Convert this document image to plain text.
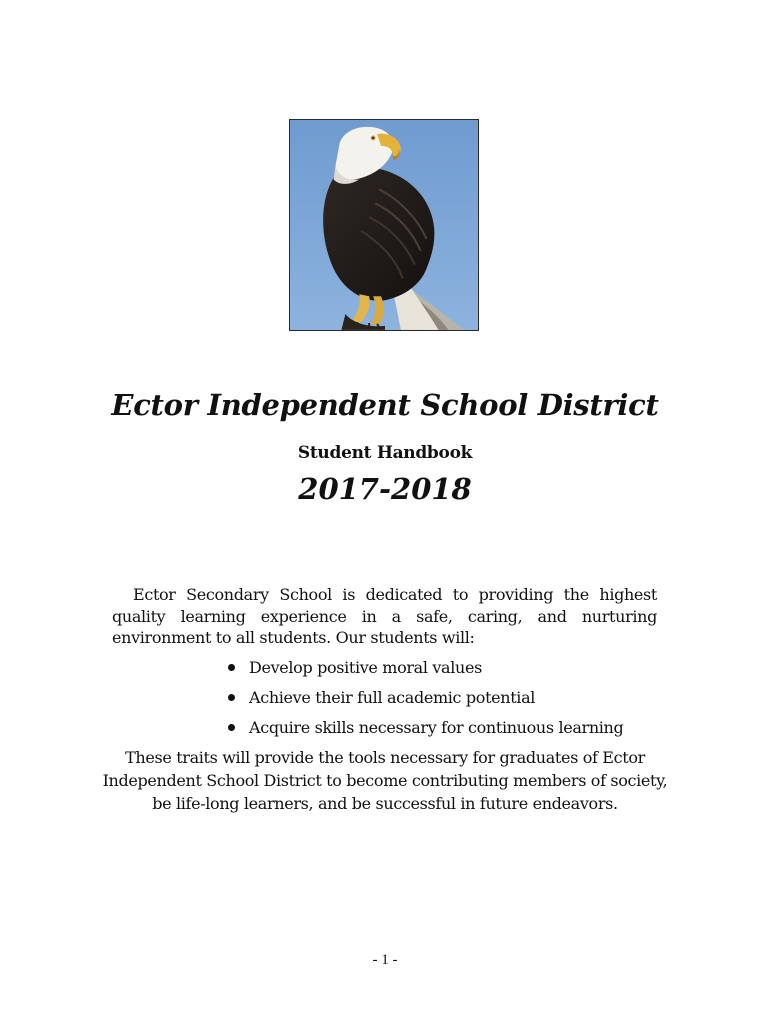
Ector Independent School District
Student Handbook
2017-2018

Ector Secondary School is dedicated to providing the highest quality learning experience in a safe, caring, and nurturing environment to all students. Our students will:

Develop positive moral values
Achieve their full academic potential
Acquire skills necessary for continuous learning

These traits will provide the tools necessary for graduates of Ector Independent School District to become contributing members of society, be life-long learners, and be successful in future endeavors.

- 1 -
